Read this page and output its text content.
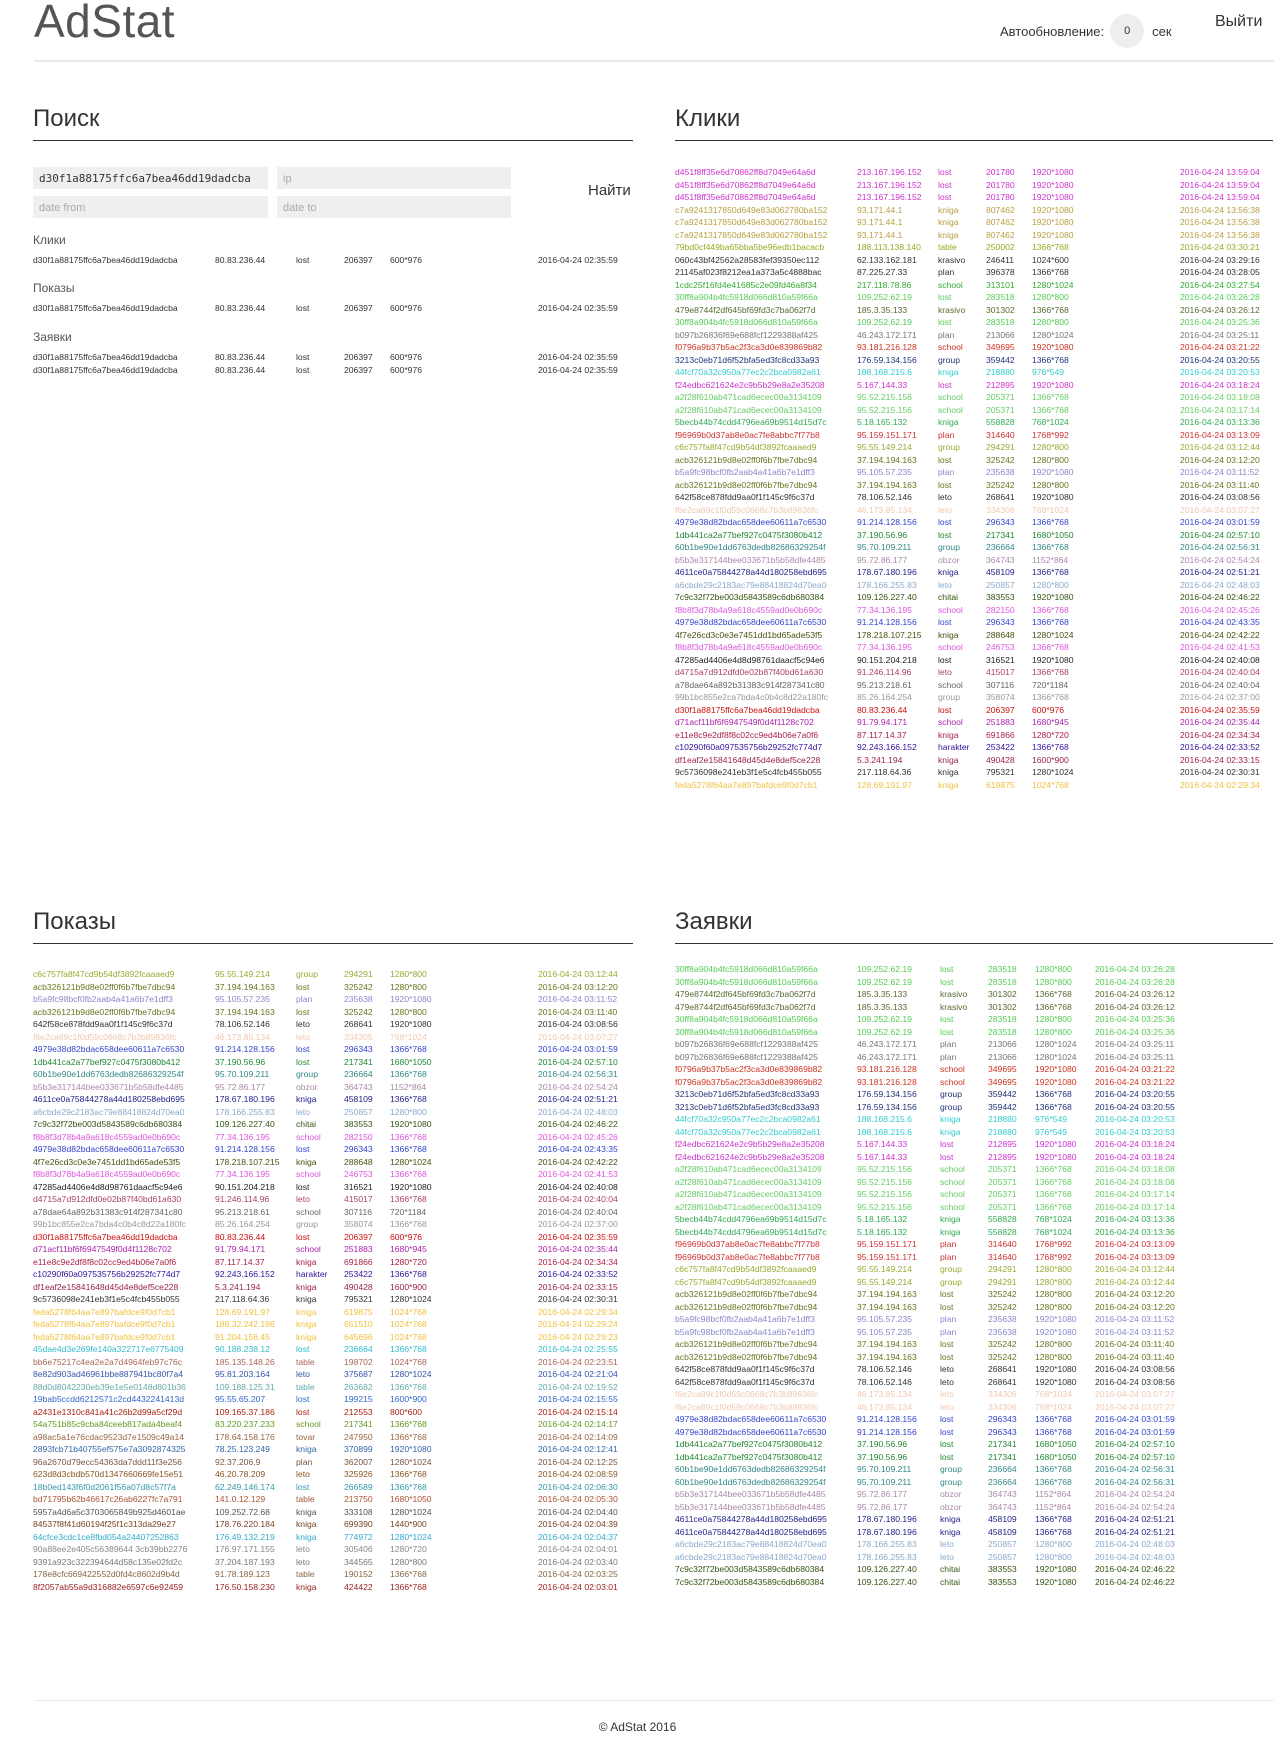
AdStat	Автообновление:	0	сек
Выйти
Поиск
d30f1a88175ffc6a7bea46dd19dadcba
ip
date from
date to
Найти
Клики
d30f1a88175ffc6a7bea46dd19dadcba	80.83.236.44	lost	206397 600*976	2016-04-24 02:35:59
Показы
d30f1a88175ffc6a7bea46dd19dadcba	80.83.236.44	lost	206397 600*976	2016-04-24 02:35:59
Заявки
d30f1a88175ffc6a7bea46dd19dadcba	80.83.236.44	lost	206397 600*976	2016-04-24 02:35:59
d30f1a88175ffc6a7bea46dd19dadcba	80.83.236.44	lost	206397 600*976	2016-04-24 02:35:59
Клики
d451f8ff35e6d70862ff8d7049e64a6d	213.167.196.152 lost	201780 1920*1080	2016-04-24 13:59:04
d451f8ff35e6d70862ff8d7049e64a6d	213.167.196.152 lost	201780 1920*1080	2016-04-24 13:59:04
d451f8ff35e6d70862ff8d7049e64a6d	213.167.196.152 lost	201780 1920*1080	2016-04-24 13:59:04
c7a9241317850d649e83d062780ba152	93.171.44.1	kniga	807462 1920*1080	2016-04-24 13:56:38
c7a9241317850d649e83d062780ba152	93.171.44.1	kniga	807462 1920*1080	2016-04-24 13:56:38
c7a9241317850d649e83d062780ba152	93.171.44.1	kniga	807462 1920*1080	2016-04-24 13:56:38
79bd0cf449ba65bba5be96edb1bacacb	188.113.138.140 table	250002 1366*768	2016-04-24 03:30:21
060c43bf42562a28583fef39350ec112	62.133.162.181 krasivo 246411 1024*600	2016-04-24 03:29:16
21145af023f8212ea1a373a5c4888bac	87.225.27.33	plan	396378 1366*768	2016-04-24 03:28:05
1cdc25f16fd4e41685c2e09fd46a8f34	217.118.78.86	school	313101 1280*1024	2016-04-24 03:27:54
30ff8a904b4fc5918d066d810a59f66a	109.252.62.19	lost	283518 1280*800	2016-04-24 03:26:28
479e8744f2df645bf69fd3c7ba062f7d	185.3.35.133	krasivo 301302 1366*768	2016-04-24 03:26:12
30ff8a904b4fc5918d066d810a59f66a	109.252.62.19	lost	283518 1280*800	2016-04-24 03:25:36
b097b26836f69e688fcf1229388af425	46.243.172.171 plan	213066 1280*1024	2016-04-24 03:25:11
f0796a9b37b5ac2f3ca3d0e839869b82	93.181.216.128 school	349695 1920*1080	2016-04-24 03:21:22
3213c0eb71d6f52bfa5ed3fc8cd33a93	176.59.134.156 group	359442 1366*768	2016-04-24 03:20:55
44fcf70a32c950a77ec2c2bca0982a61	188.168.215.6	kniga	218880 976*549	2016-04-24 03:20:53
f24edbc621624e2c9b5b29e8a2e35208	5.167.144.33	lost	212895 1920*1080	2016-04-24 03:18:24
a2f28f610ab471cad6ecec00a3134109	95.52.215.156	school	205371 1366*768	2016-04-24 03:18:08
a2f28f610ab471cad6ecec00a3134109	95.52.215.156	school	205371 1366*768	2016-04-24 03:17:14
5becb44b74cdd4796ea69b9514d15d7c	5.18.165.132	kniga	558828 768*1024	2016-04-24 03:13:36
f96969b0d37ab8e0ac7fe8abbc7f77b8	95.159.151.171 plan	314640 1768*992	2016-04-24 03:13:09
c6c757fa8f47cd9b54df3892fcaaaed9	95.55.149.214	group	294291 1280*800	2016-04-24 03:12:44
acb326121b9d8e02ff0f6b7fbe7dbc94	37.194.194.163 lost	325242 1280*800	2016-04-24 03:12:20
b5a9fc98bcf0fb2aab4a41a6b7e1dff3	95.105.57.235	plan	235638 1920*1080	2016-04-24 03:11:52
acb326121b9d8e02ff0f6b7fbe7dbc94	37.194.194.163 lost	325242 1280*800	2016-04-24 03:11:40
642f58ce878fdd9aa0f1f145c9f6c37d	78.106.52.146	leto	268641 1920*1080	2016-04-24 03:08:56
f6e2ca89c1f0d59c0668c7b3b89836fc	46.173.85.134	leto	334306 768*1024	2016-04-24 03:07:27
4979e38d82bdac658dee60611a7c6530	91.214.128.156 lost	296343 1366*768	2016-04-24 03:01:59
1db441ca2a77bef927c0475f3080b412	37.190.56.96	lost	217341 1680*1050	2016-04-24 02:57:10
60b1be90e1dd6763dedb82686329254f	95.70.109.211	group	236664 1366*768	2016-04-24 02:56:31
b5b3e317144bee033671b5b58dfe4485	95.72.86.177	obzor	364743 1152*864	2016-04-24 02:54:24
4611ce0a75844278a44d180258ebd695	178.67.180.196 kniga	458109 1366*768	2016-04-24 02:51:21
a6cbde29c2183ac79e88418824d70ea0	178.166.255.83 leto	250857 1280*800	2016-04-24 02:48:03
7c9c32f72be003d5843589c6db680384	109.126.227.40 chitai	383553 1920*1080	2016-04-24 02:46:22
f8b8f3d78b4a9a618c4559ad0e0b690c	77.34.136.195	school	282150 1366*768	2016-04-24 02:45:26
4979e38d82bdac658dee60611a7c6530	91.214.128.156 lost	296343 1366*768	2016-04-24 02:43:35
4f7e26cd3c0e3e7451dd1bd65ade53f5	178.218.107.215 kniga	288648 1280*1024	2016-04-24 02:42:22
f8b8f3d78b4a9a618c4559ad0e0b690c	77.34.136.195	school	246753 1366*768	2016-04-24 02:41:53
47285ad4406e4d8d98761daacf5c94e6	90.151.204.218 lost	316521 1920*1080	2016-04-24 02:40:08
d4715a7d912dfd0e02b87f40bd61a630	91.246.114.96	leto	415017 1366*768	2016-04-24 02:40:04
a78dae64a892b31383c914f287341c80	95.213.218.61	school	307116 720*1184	2016-04-24 02:40:04
99b1bc855e2ca7bda4c0b4c8d22a180fc	85.26.164.254	group	358074 1366*768	2016-04-24 02:37:00
d30f1a88175ffc6a7bea46dd19dadcba	80.83.236.44	lost	206397 600*976	2016-04-24 02:35:59
d71acf11bf6f6947549f0d4f1128c702	91.79.94.171	school	251883 1680*945	2016-04-24 02:35:44
e11e8c9e2df8f8c02cc9ed4b06e7a0f6	87.117.14.37	kniga	691866 1280*720	2016-04-24 02:34:34
c10290f60a097535756b29252fc774d7	92.243.166.152 harakter 253422 1366*768	2016-04-24 02:33:52
df1eaf2e15841648d45d4e8def5ce228	5.3.241.194	kniga	490428 1600*900	2016-04-24 02:33:15
9c5736098e241eb3f1e5c4fcb455b055	217.118.64.36	kniga	795321 1280*1024	2016-04-24 02:30:31
feda5278f64aa7e897bafdce9f0d7cb1	128.69.191.97	kniga	619875 1024*768	2016-04-24 02:29:34
Показы
c6c757fa8f47cd9b54df3892fcaaaed9	95.55.149.214	group	294291 1280*800	2016-04-24 03:12:44
acb326121b9d8e02ff0f6b7fbe7dbc94	37.194.194.163 lost	325242 1280*800	2016-04-24 03:12:20
b5a9fc98bcf0fb2aab4a41a6b7e1dff3	95.105.57.235	plan	235638 1920*1080	2016-04-24 03:11:52
acb326121b9d8e02ff0f6b7fbe7dbc94	37.194.194.163 lost	325242 1280*800	2016-04-24 03:11:40
642f58ce878fdd9aa0f1f145c9f6c37d	78.106.52.146	leto	268641 1920*1080	2016-04-24 03:08:56
f6e2ca89c1f0d59c0668c7b3b89836fc	46.173.85.134	leto	334305 768*1024	2016-04-24 03:07:27
4979e38d82bdac658dee60611a7c6530	91.214.128.156 lost	296343 1366*768	2016-04-24 03:01:59
1db441ca2a77bef927c0475f3080b412	37.190.56.96	lost	217341 1680*1050	2016-04-24 02:57:10
60b1be90e1dd6763dedb82686329254f	95.70.109.211	group	236664 1366*768	2016-04-24 02:56:31
b5b3e317144bee033671b5b58dfe4485	95.72.86.177	obzor	364743 1152*864	2016-04-24 02:54:24
4611ce0a75844278a44d180258ebd695	178.67.180.196 kniga	458109 1366*768	2016-04-24 02:51:21
a6cbde29c2183ac79e88418824d70ea0	178.166.255.83 leto	250857 1280*800	2016-04-24 02:48:03
7c9c32f72be003d5843589c6db680384	109.126.227.40 chitai	383553 1920*1080	2016-04-24 02:46:22
f8b8f3d78b4a9a618c4559ad0e0b690c	77.34.136.195	school	282150 1366*768	2016-04-24 02:45:26
4979e38d82bdac658dee60611a7c6530	91.214.128.156 lost	296343 1366*768	2016-04-24 02:43:35
4f7e26cd3c0e3e7451dd1bd65ade53f5	178.218.107.215 kniga	288648 1280*1024	2016-04-24 02:42:22
f8b8f3d78b4a9a618c4559ad0e0b690c	77.34.136.195	school	246753 1366*768	2016-04-24 02:41:53
47285ad4406e4d8d98761daacf5c94e6	90.151.204.218 lost	316521 1920*1080	2016-04-24 02:40:08
d4715a7d912dfd0e02b87f40bd61a630	91.246.114.96	leto	415017 1366*768	2016-04-24 02:40:04
a78dae64a892b31383c914f287341c80	95.213.218.61	school	307116 720*1184	2016-04-24 02:40:04
99b1bc855e2ca7bda4c0b4c8d22a180fc	85.26.164.254	group	358074 1366*768	2016-04-24 02:37:00
d30f1a88175ffc6a7bea46dd19dadcba	80.83.236.44	lost	206397 600*976	2016-04-24 02:35:59
d71acf11bf6f6947549f0d4f1128c702	91.79.94.171	school	251883 1680*945	2016-04-24 02:35:44
e11e8c9e2df8f8c02cc9ed4b06e7a0f6	87.117.14.37	kniga	691866 1280*720	2016-04-24 02:34:34
c10290f60a097535756b29252fc774d7	92.243.166.152 harakter 253422 1366*768	2016-04-24 02:33:52
df1eaf2e15841648d45d4e8def5ce228	5.3.241.194	kniga	490428 1600*900	2016-04-24 02:33:15
9c5736098e241eb3f1e5c4fcb455b055	217.118.64.36	kniga	795321 1280*1024	2016-04-24 02:30:31
feda5278f64aa7e897bafdce9f0d7cb1	128.69.191.97	kniga	619875 1024*768	2016-04-24 02:29:34
feda5278f64aa7e897bafdce9f0d7cb1	188.32.242.196 kniga	651510 1024*768	2016-04-24 02:29:24
feda5278f64aa7e897bafdce9f0d7cb1	91.204.156.45	kniga	645696 1024*768	2016-04-24 02:29:23
45dae4d3e269fe140a322717e6775409	90.188.238.12	lost	236664 1366*768	2016-04-24 02:25:55
bb6e75217c4ea2e2a7d4964feb97c76c	185.135.148.26 table	198702 1024*768	2016-04-24 02:23:51
8e82d903ad46961bbe887941bc80f7a4	95.81.203.164	leto	375687 1280*1024	2016-04-24 02:21:04
88d0d8042230eb39e1e5e0148d801b36	109.188.125.31 table	263682 1366*768	2016-04-24 02:19:52
19bab5ccdd6212571c2cd4432241413d	95.55.65.207	lost	199215 1600*900	2016-04-24 02:15:55
a2431e1310c841a41c26b2d99a5cf29d	109.165.37.186 lost	212553 800*600	2016-04-24 02:15:14
54a751b85c9cba84ceeb817ada4beaf4	83.220.237.233 school	217341 1366*768	2016-04-24 02:14:17
a98ac5a1e76cdac9523d7e1509c49a14	178.64.158.176 tovar	247950 1366*768	2016-04-24 02:14:09
2893fcb71b40755ef575e7a3092874325	78.25.123.249	kniga	370899 1920*1080	2016-04-24 02:12:41
96a2670d79ecc54363da7ddd11f3e256	92.37.206.9	plan	362007 1280*1024	2016-04-24 02:12:25
623d8d3cbdb570d1347660669fe15e51	46.20.78.209	leto	325926 1366*768	2016-04-24 02:08:59
18b0ed143f6f0d2061f56a07d8c57f7a	62.249.146.174 lost	266589 1366*768	2016-04-24 02:06:30
bd71795b62b46617c26ab6227fc7a791	141.0.12.129	table	213750 1680*1050	2016-04-24 02:05:30
5957a4d6a5c3703065849b925d4601ae	109.252.72.68	kniga	333108 1280*1024	2016-04-24 02:04:40
84537f8f41d60194f25f1c313da29e27	178.76.220.184 kniga	699390 1440*900	2016-04-24 02:04:39
64cfce3cdc1ce8fbd054a24407252863	176.49.132.219 kniga	774972 1280*1024	2016-04-24 02:04:37
90a88ee2e405c56389644 3cb39bb2276	176.97.171.155 leto	305406 1280*720	2016-04-24 02:04:01
9391a923c322394644d58c135e02fd2c	37.204.187.193 leto	344565 1280*800	2016-04-24 02:03:40
178e8cfc669422552d0fd4c8602d9b4d	91.78.189.123	table	190152 1366*768	2016-04-24 02:03:25
8f2057ab55a9d316882e6597c6e92459	176.50.158.230 kniga	424422 1366*768	2016-04-24 02:03:01
Заявки
30ff8a904b4fc5918d066d810a59f66a	109.252.62.19	lost	283518 1280*800	2016-04-24 03:26:28
30ff8a904b4fc5918d066d810a59f66a	109.252.62.19	lost	283518 1280*800	2016-04-24 03:26:28
479e8744f2df645bf69fd3c7ba062f7d	185.3.35.133	krasivo 301302 1366*768	2016-04-24 03:26:12
479e8744f2df645bf69fd3c7ba062f7d	185.3.35.133	krasivo 301302 1366*768	2016-04-24 03:26:12
30ff8a904b4fc5918d066d810a59f66a	109.252.62.19	lost	283518 1280*800	2016-04-24 03:25:36
30ff8a904b4fc5918d066d810a59f66a	109.252.62.19	lost	283518 1280*800	2016-04-24 03:25:36
b097b26836f69e688fcf1229388af425	46.243.172.171	plan	213066 1280*1024 2016-04-24 03:25:11
b097b26836f69e688fcf1229388af425	46.243.172.171	plan	213066 1280*1024 2016-04-24 03:25:11
f0796a9b37b5ac2f3ca3d0e839869b82	93.181.216.128	school	349695 1920*1080 2016-04-24 03:21:22
f0796a9b37b5ac2f3ca3d0e839869b82	93.181.216.128	school	349695 1920*1080 2016-04-24 03:21:22
3213c0eb71d6f52bfa5ed3fc8cd33a93	176.59.134.156	group	359442 1366*768	2016-04-24 03:20:55
3213c0eb71d6f52bfa5ed3fc8cd33a93	176.59.134.156	group	359442 1366*768	2016-04-24 03:20:55
44fcf70a32c950a77ec2c2bca0982a61	188.168.215.6	kniga	218880 976*549	2016-04-24 03:20:53
44fcf70a32c950a77ec2c2bca0982a61	188.168.215.6	kniga	218880 976*549	2016-04-24 03:20:53
f24edbc621624e2c9b5b29e8a2e35208	5.167.144.33	lost	212895 1920*1080 2016-04-24 03:18:24
f24edbc621624e2c9b5b29e8a2e35208	5.167.144.33	lost	212895 1920*1080 2016-04-24 03:18:24
a2f28f610ab471cad6ecec00a3134109	95.52.215.156	school	205371 1366*768	2016-04-24 03:18:08
a2f28f610ab471cad6ecec00a3134109	95.52.215.156	school	205371 1366*768	2016-04-24 03:18:08
a2f28f610ab471cad6ecec00a3134109	95.52.215.156	school	205371 1366*768	2016-04-24 03:17:14
a2f28f610ab471cad6ecec00a3134109	95.52.215.156	school	205371 1366*768	2016-04-24 03:17:14
5becb44b74cdd4796ea69b9514d15d7c	5.18.165.132	kniga	558828 768*1024	2016-04-24 03:13:36
5becb44b74cdd4796ea69b9514d15d7c	5.18.165.132	kniga	558828 768*1024	2016-04-24 03:13:36
f96969b0d37ab8e0ac7fe8abbc7f77b8	95.159.151.171	plan	314640 1768*992	2016-04-24 03:13:09
f96969b0d37ab8e0ac7fe8abbc7f77b8	95.159.151.171	plan	314640 1768*992	2016-04-24 03:13:09
c6c757fa8f47cd9b54df3892fcaaaed9	95.55.149.214	group	294291 1280*800	2016-04-24 03:12:44
c6c757fa8f47cd9b54df3892fcaaaed9	95.55.149.214	group	294291 1280*800	2016-04-24 03:12:44
acb326121b9d8e02ff0f6b7fbe7dbc94	37.194.194.163	lost	325242 1280*800	2016-04-24 03:12:20
acb326121b9d8e02ff0f6b7fbe7dbc94	37.194.194.163	lost	325242 1280*800	2016-04-24 03:12:20
b5a9fc98bcf0fb2aab4a41a6b7e1dff3	95.105.57.235	plan	235638 1920*1080 2016-04-24 03:11:52
b5a9fc98bcf0fb2aab4a41a6b7e1dff3	95.105.57.235	plan	235638 1920*1080 2016-04-24 03:11:52
acb326121b9d8e02ff0f6b7fbe7dbc94	37.194.194.163	lost	325242 1280*800	2016-04-24 03:11:40
acb326121b9d8e02ff0f6b7fbe7dbc94	37.194.194.163	lost	325242 1280*800	2016-04-24 03:11:40
642f58ce878fdd9aa0f1f145c9f6c37d	78.106.52.146	leto	268641 1920*1080 2016-04-24 03:08:56
642f58ce878fdd9aa0f1f145c9f6c37d	78.106.52.146	leto	268641 1920*1080 2016-04-24 03:08:56
f6e2ca89c1f0d59c0668c7b3b89836fc	46.173.85.134	leto	334306 768*1024	2016-04-24 03:07:27
f6e2ca89c1f0d59c0668c7b3b89836fc	46.173.85.134	leto	334306 768*1024	2016-04-24 03:07:27
4979e38d82bdac658dee60611a7c6530	91.214.128.156	lost	296343 1366*768	2016-04-24 03:01:59
4979e38d82bdac658dee60611a7c6530	91.214.128.156	lost	296343 1366*768	2016-04-24 03:01:59
1db441ca2a77bef927c0475f3080b412	37.190.56.96	lost	217341 1680*1050 2016-04-24 02:57:10
1db441ca2a77bef927c0475f3080b412	37.190.56.96	lost	217341 1680*1050 2016-04-24 02:57:10
60b1be90e1dd6763dedb82686329254f	95.70.109.211	group	236664 1366*768	2016-04-24 02:56:31
60b1be90e1dd6763dedb82686329254f	95.70.109.211	group	236664 1366*768	2016-04-24 02:56:31
b5b3e317144bee033671b5b58dfe4485	95.72.86.177	obzor	364743 1152*864	2016-04-24 02:54:24
b5b3e317144bee033671b5b58dfe4485	95.72.86.177	obzor	364743 1152*864	2016-04-24 02:54:24
4611ce0a75844278a44d180258ebd695	178.67.180.196	kniga	458109 1366*768	2016-04-24 02:51:21
4611ce0a75844278a44d180258ebd695	178.67.180.196	kniga	458109 1366*768	2016-04-24 02:51:21
a6cbde29c2183ac79e88418824d70ea0	178.166.255.83	leto	250857 1280*800	2016-04-24 02:48:03
a6cbde29c2183ac79e88418824d70ea0	178.166.255.83	leto	250857 1280*800	2016-04-24 02:48:03
7c9c32f72be003d5843589c6db680384	109.126.227.40	chitai	383553 1920*1080 2016-04-24 02:46:22
7c9c32f72be003d5843589c6db680384	109.126.227.40	chitai	383553 1920*1080 2016-04-24 02:46:22
© AdStat 2016
